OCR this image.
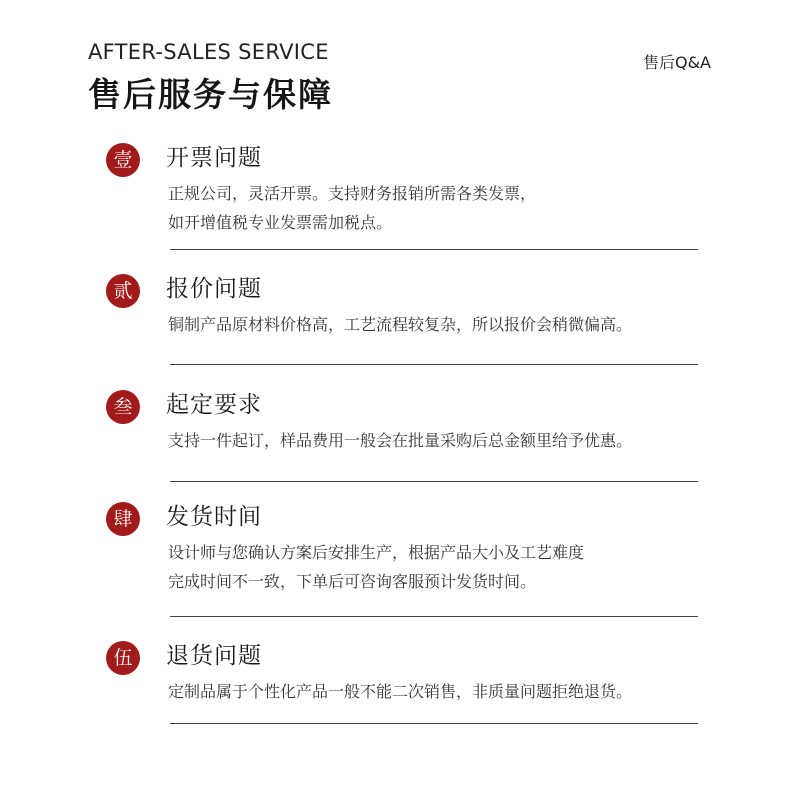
AFTER-SALES SERVICE
售后服务与保障
售后Q&A
壹	开票问题
正规公司，灵活开票。支持财务报销所需各类发票，
如开增值税专业发票需加税点。
贰	报价问题
铜制产品原材料价格高，工艺流程较复杂，所以报价会稍微偏高。
叁	起定要求
支持一件起订，样品费用一般会在批量采购后总金额里给予优惠。
肆	发货时间
设计师与您确认方案后安排生产，根据产品大小及工艺难度
完成时间不一致，下单后可咨询客服预计发货时间。
伍	退货问题
定制品属于个性化产品一般不能二次销售，非质量问题拒绝退货。
